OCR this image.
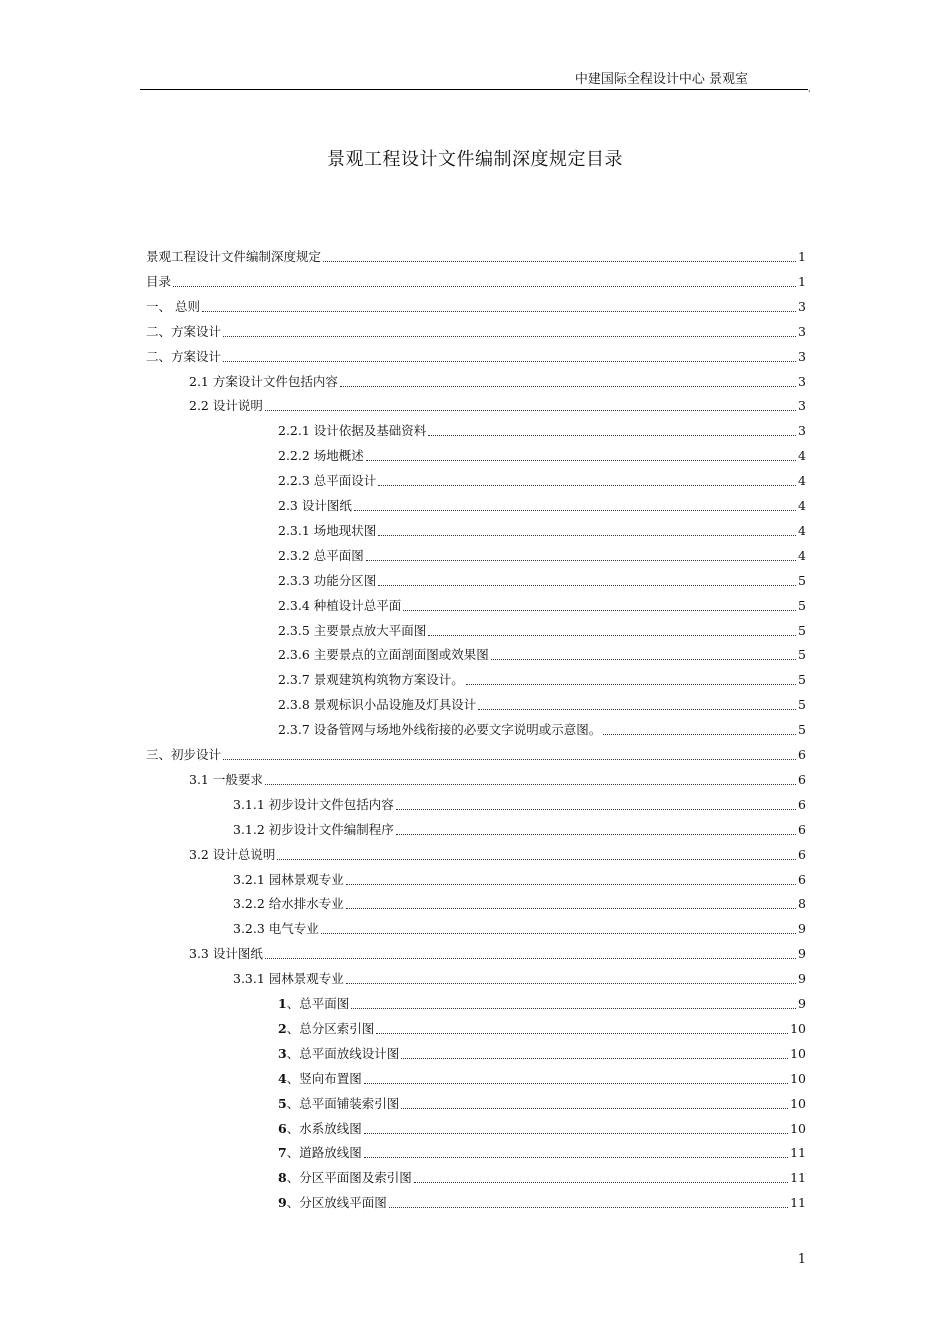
中建国际全程设计中心 景观室
,
景观工程设计文件编制深度规定目录
景观工程设计文件编制深度规定	1
目录	1
一、 总则	3
二、方案设计	3
二、方案设计	3
2.1 方案设计文件包括内容	3
2.2 设计说明	3
2.2.1 设计依据及基础资料	3
2.2.2 场地概述	4
2.2.3 总平面设计	4
2.3 设计图纸	4
2.3.1 场地现状图	4
2.3.2 总平面图	4
2.3.3 功能分区图	5
2.3.4 种植设计总平面	5
2.3.5 主要景点放大平面图	5
2.3.6 主要景点的立面剖面图或效果图	5
2.3.7 景观建筑构筑物方案设计。	5
2.3.8 景观标识小品设施及灯具设计	5
2.3.7 设备管网与场地外线衔接的必要文字说明或示意图。	5
三、初步设计	6
3.1 一般要求	6
3.1.1 初步设计文件包括内容	6
3.1.2 初步设计文件编制程序	6
3.2 设计总说明	6
3.2.1 园林景观专业	6
3.2.2 给水排水专业	8
3.2.3 电气专业	9
3.3 设计图纸	9
3.3.1 园林景观专业	9
1、总平面图	9
2、总分区索引图	10
3、总平面放线设计图	10
4、竖向布置图	10
5、总平面铺装索引图	10
6、水系放线图	10
7、道路放线图	11
8、分区平面图及索引图	11
9、分区放线平面图	11
1
